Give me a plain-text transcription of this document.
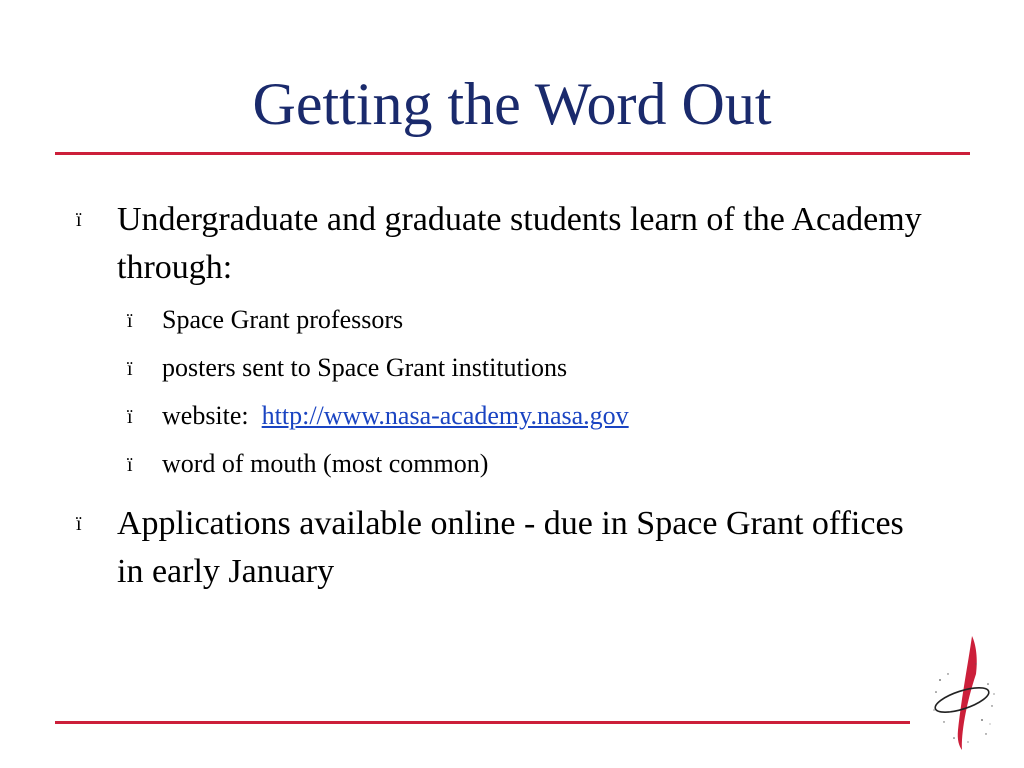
Getting the Word Out
ï Undergraduate and graduate students learn of the Academy through:
ï Space Grant professors
ï posters sent to Space Grant institutions
ï website:  http://www.nasa-academy.nasa.gov
ï word of mouth (most common)
ï Applications available online - due in Space Grant offices in early January
